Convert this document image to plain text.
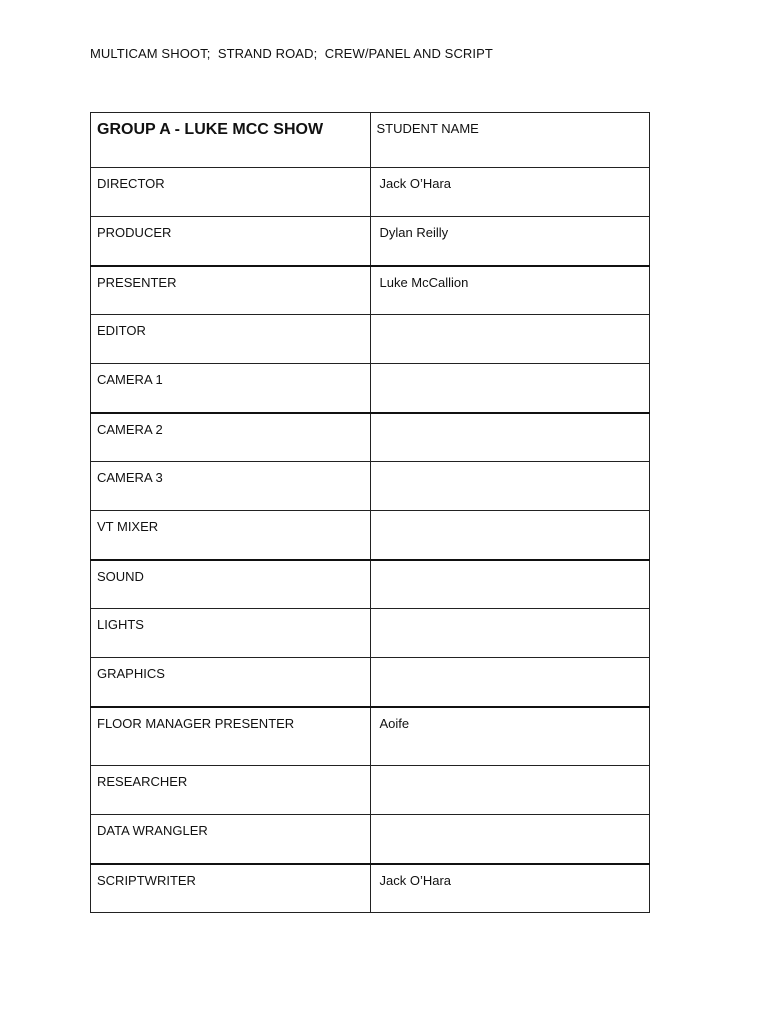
MULTICAM SHOOT;  STRAND ROAD;  CREW/PANEL AND SCRIPT
GROUP A - LUKE MCC SHOW	STUDENT NAME
DIRECTOR	Jack O’Hara
PRODUCER	Dylan Reilly
PRESENTER	Luke McCallion
EDITOR	
CAMERA 1	
CAMERA 2	
CAMERA 3	
VT MIXER	
SOUND	
LIGHTS	
GRAPHICS	
FLOOR MANAGER PRESENTER	Aoife
RESEARCHER	
DATA WRANGLER	
SCRIPTWRITER	Jack O’Hara
